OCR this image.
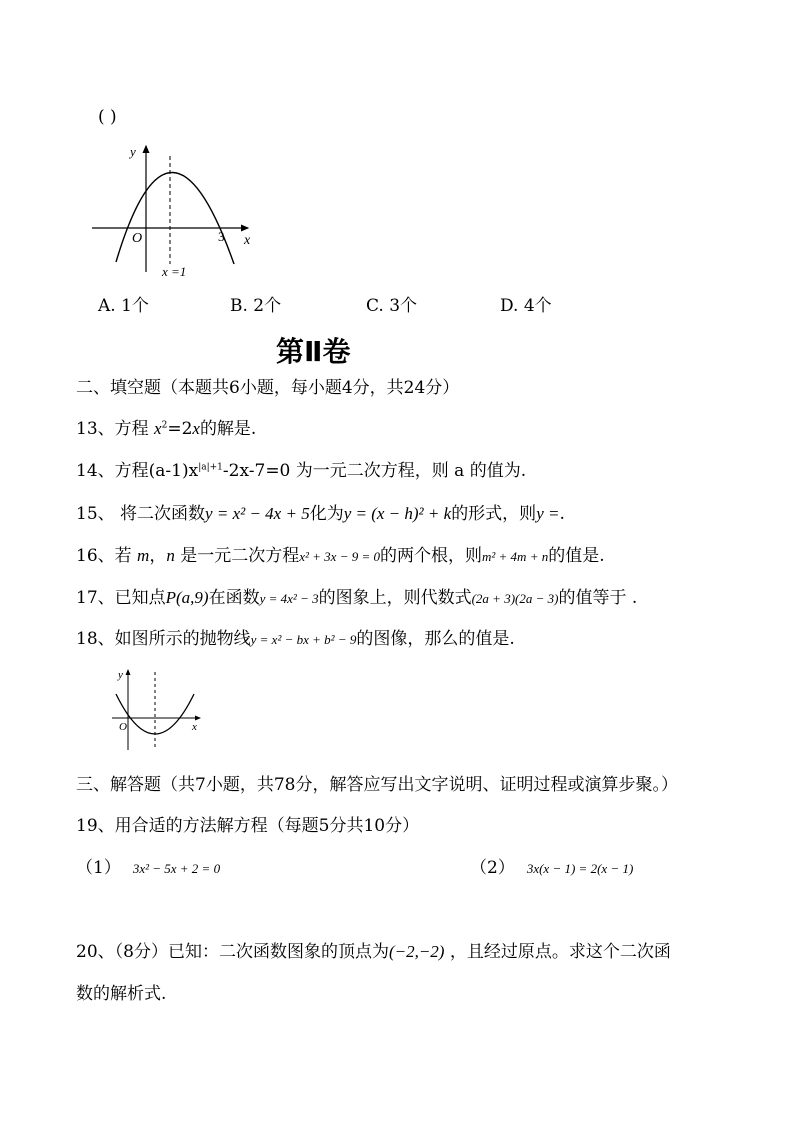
( )
y
x
O	3
x =1
A. 1个	B. 2个	C. 3个	D. 4个
第Ⅱ卷
二、填空题（本题共6小题，每小题4分，共24分）
13、方程 $x^2=2x$的解是.
14、方程$(a-1)x^{|a|+1}-2x-7=0$ 为一元二次方程，则 a 的值为.
15、 将二次函数y = x² − 4x + 5化为y = (x − h)² + k的形式，则y =.
16、若 m，n 是一元二次方程x² + 3x − 9 = 0的两个根，则m² + 4m + n的值是.
17、已知点P(a,9)在函数y = 4x² − 3的图象上，则代数式(2a + 3)(2a − 3)的值等于 .
18、如图所示的抛物线y = x² − bx + b² − 9的图像，那么的值是.
y
x
O
三、解答题（共7小题，共78分，解答应写出文字说明、证明过程或演算步聚。）
19、用合适的方法解方程（每题5分共10分）
（1） 3x² − 5x + 2 = 0	（2） 3x(x − 1) = 2(x − 1)
20、（8分）已知：二次函数图象的顶点为(−2,−2) ，且经过原点。求这个二次函
数的解析式.
